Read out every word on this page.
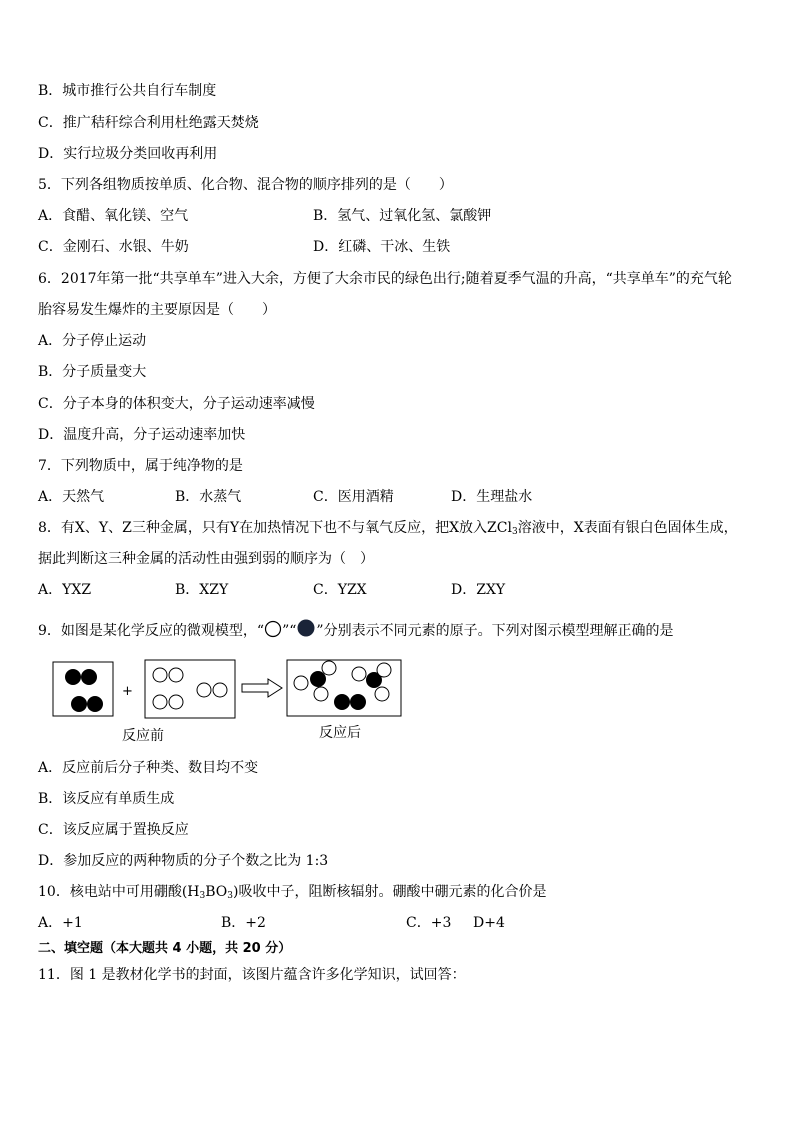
B．城市推行公共自行车制度
C．推广秸秆综合利用杜绝露天焚烧
D．实行垃圾分类回收再利用
5．下列各组物质按单质、化合物、混合物的顺序排列的是（　　）
A．食醋、氧化镁、空气	B．氢气、过氧化氢、氯酸钾
C．金刚石、水银、牛奶	D．红磷、干冰、生铁
6．2017年第一批“共享单车”进入大余，方便了大余市民的绿色出行;随着夏季气温的升高，“共享单车”的充气轮
胎容易发生爆炸的主要原因是（　　）
A．分子停止运动
B．分子质量变大
C．分子本身的体积变大，分子运动速率减慢
D．温度升高，分子运动速率加快
7．下列物质中，属于纯净物的是
A．天然气	B．水蒸气	C．医用酒精	D．生理盐水
8．有X、Y、Z三种金属，只有Y在加热情况下也不与氧气反应，把X放入ZCl$_3$溶液中，X表面有银白色固体生成，
据此判断这三种金属的活动性由强到弱的顺序为（　）
A．YXZ	B．XZY	C．YZX	D．ZXY
9．如图是某化学反应的微观模型，“ ”“ ”分别表示不同元素的原子。下列对图示模型理解正确的是
+
反应前	反应后
A．反应前后分子种类、数目均不变
B．该反应有单质生成
C．该反应属于置换反应
D．参加反应的两种物质的分子个数之比为 1:3
10．核电站中可用硼酸$(H_3BO_3)$吸收中子，阻断核辐射。硼酸中硼元素的化合价是
A．+1	B．+2	C．+3 D+4
二、填空题（本大题共 4 小题，共 20 分）
11．图 1 是教材化学书的封面，该图片蕴含许多化学知识，试回答：
